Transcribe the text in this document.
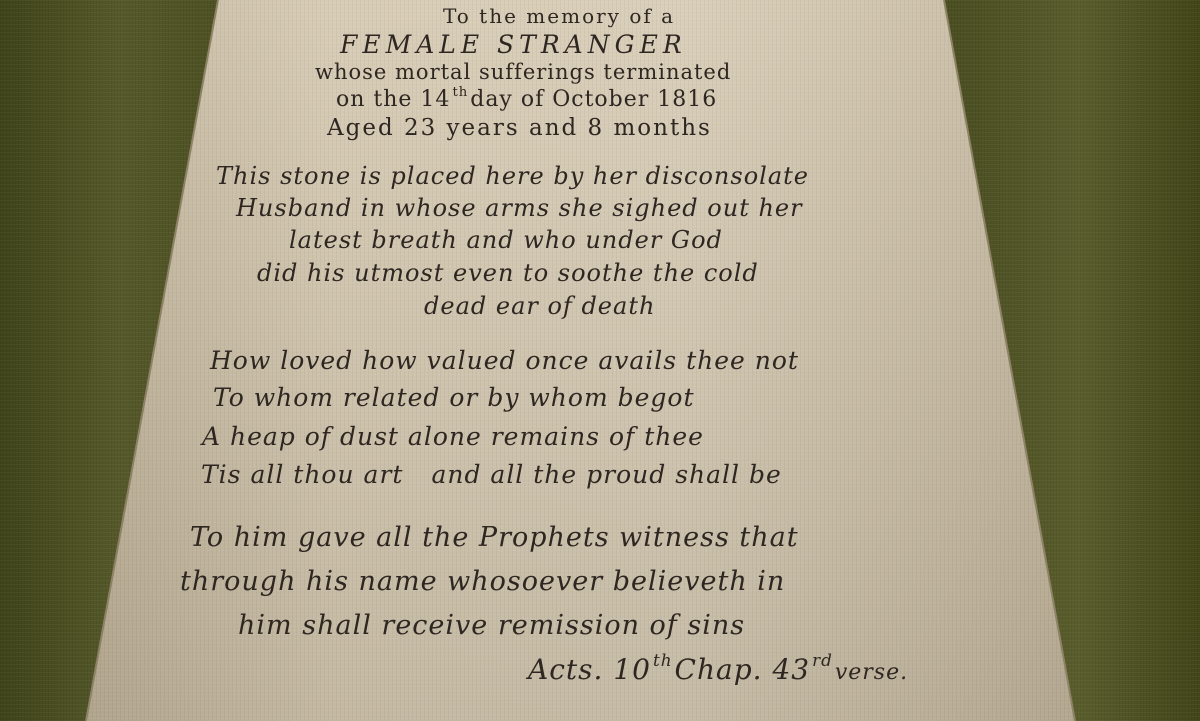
To the memory of a
FEMALE STRANGER
whose mortal sufferings terminated
on the 14 $^{th}$day of October 1816
Aged 23 years and 8 months
This stone is placed here by her disconsolate
Husband in whose arms she sighed out her
latest breath and who under God
did his utmost even to soothe the cold
dead ear of death
How loved how valued once avails thee not
To whom related or by whom begot
A heap of dust alone remains of thee
Tis all thou art and all the proud shall be
To him gave all the Prophets witness that
through his name whosoever believeth in
him shall receive remission of sins
Acts. 10 $^{th}$Chap. 43 $^{rd}$verse.
